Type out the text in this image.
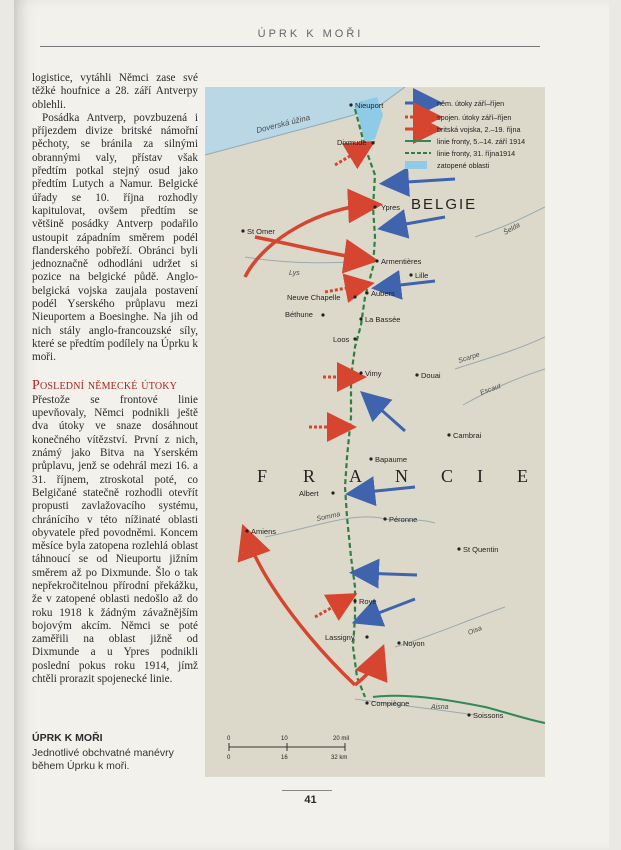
ÚPRK K MOŘI

logistice, vytáhli Němci zase své těžké houfnice a 28. září Antverpy oblehli.

Posádka Antverp, povzbuzená i příjezdem divize britské námořní pěchoty, se bránila za silnými obrannými valy, přístav však předtím potkal stejný osud jako předtím Lutych a Namur. Belgické úřady se 10. října rozhodly kapitulovat, ovšem předtím se většině posádky Antverp podařilo ustoupit západním směrem podél flanderského pobřeží. Obránci byli jednoznačně odhodláni udržet si pozice na belgické půdě. Anglo-belgická vojska zaujala postavení podél Yserského průplavu mezi Nieuportem a Boesinghe. Na jih od nich stály anglo-francouzské síly, které se předtím podílely na Úprku k moři.

Poslední německé útoky

Přestože se frontové linie upevňovaly, Němci podnikli ještě dva útoky ve snaze dosáhnout konečného vítězství. První z nich, známý jako Bitva na Yserském průplavu, jenž se odehrál mezi 16. a 31. říjnem, ztroskotal poté, co Belgičané statečně rozhodli otevřít propusti zavlažovacího systému, chránícího v této nížinaté oblasti obyvatele před povodněmi. Koncem měsíce byla zatopena rozlehlá oblast táhnoucí se od Nieuportu jižním směrem až po Dixmunde. Šlo o tak nepřekročitelnou přírodní překážku, že v zatopené oblasti nedošlo až do roku 1918 k žádným závažnějším bojovým akcím. Němci se poté zaměřili na oblast jižně od Dixmunde a u Ypres podnikli poslední pokus roku 1914, jímž chtěli prorazit spojenecké linie.

ÚPRK K MOŘI
Jednotlivé obchvatné manévry během Úprku k moři.
něm. útoky září–říjen
spojen. útoky září–říjen
britská vojska, 2.–19. října
linie fronty, 5.–14. září 1914
linie fronty, 31. října1914
zatopené oblasti
BELGIE
F R A N C I E
Doverská úžina
Šelda
Lys
Scarpe
Escaut
Somma
Oisa
Aisna
Nieuport
Dixmude
Ypres
St Omer
Armentières
Lille
Aubers
Neuve Chapelle
Béthune
La Bassée
Loos
Vimy	Douai
Cambrai
Bapaume
Albert
Amiens
Péronne
St Quentin
Roye
Lassigny
Noyon
Compiègne
Soissons
0	10	20 mil
0	16	32 km
41
